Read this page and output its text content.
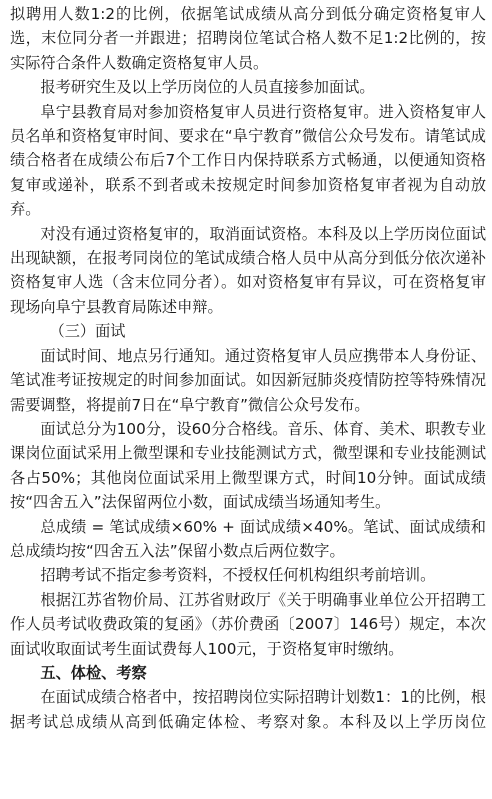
拟聘用人数1:2的比例，依据笔试成绩从高分到低分确定资格复审人选，末位同分者一并跟进；招聘岗位笔试合格人数不足1:2比例的，按实际符合条件人数确定资格复审人员。

报考研究生及以上学历岗位的人员直接参加面试。

阜宁县教育局对参加资格复审人员进行资格复审。进入资格复审人员名单和资格复审时间、要求在“阜宁教育”微信公众号发布。请笔试成绩合格者在成绩公布后7个工作日内保持联系方式畅通，以便通知资格复审或递补，联系不到者或未按规定时间参加资格复审者视为自动放弃。

对没有通过资格复审的，取消面试资格。本科及以上学历岗位面试出现缺额，在报考同岗位的笔试成绩合格人员中从高分到低分依次递补资格复审人选（含末位同分者）。如对资格复审有异议，可在资格复审现场向阜宁县教育局陈述申辩。

（三）面试

面试时间、地点另行通知。通过资格复审人员应携带本人身份证、笔试准考证按规定的时间参加面试。如因新冠肺炎疫情防控等特殊情况需要调整，将提前7日在“阜宁教育”微信公众号发布。

面试总分为100分，设60分合格线。音乐、体育、美术、职教专业课岗位面试采用上微型课和专业技能测试方式，微型课和专业技能测试各占50%；其他岗位面试采用上微型课方式，时间10分钟。面试成绩按“四舍五入”法保留两位小数，面试成绩当场通知考生。

总成绩 = 笔试成绩×60% + 面试成绩×40%。笔试、面试成绩和总成绩均按“四舍五入法”保留小数点后两位数字。

招聘考试不指定参考资料，不授权任何机构组织考前培训。

根据江苏省物价局、江苏省财政厅《关于明确事业单位公开招聘工作人员考试收费政策的复函》（苏价费函〔2007〕146号）规定，本次面试收取面试考生面试费每人100元，于资格复审时缴纳。

五、体检、考察

在面试成绩合格者中，按招聘岗位实际招聘计划数1：1的比例，根据考试总成绩从高到低确定体检、考察对象。本科及以上学历岗位
